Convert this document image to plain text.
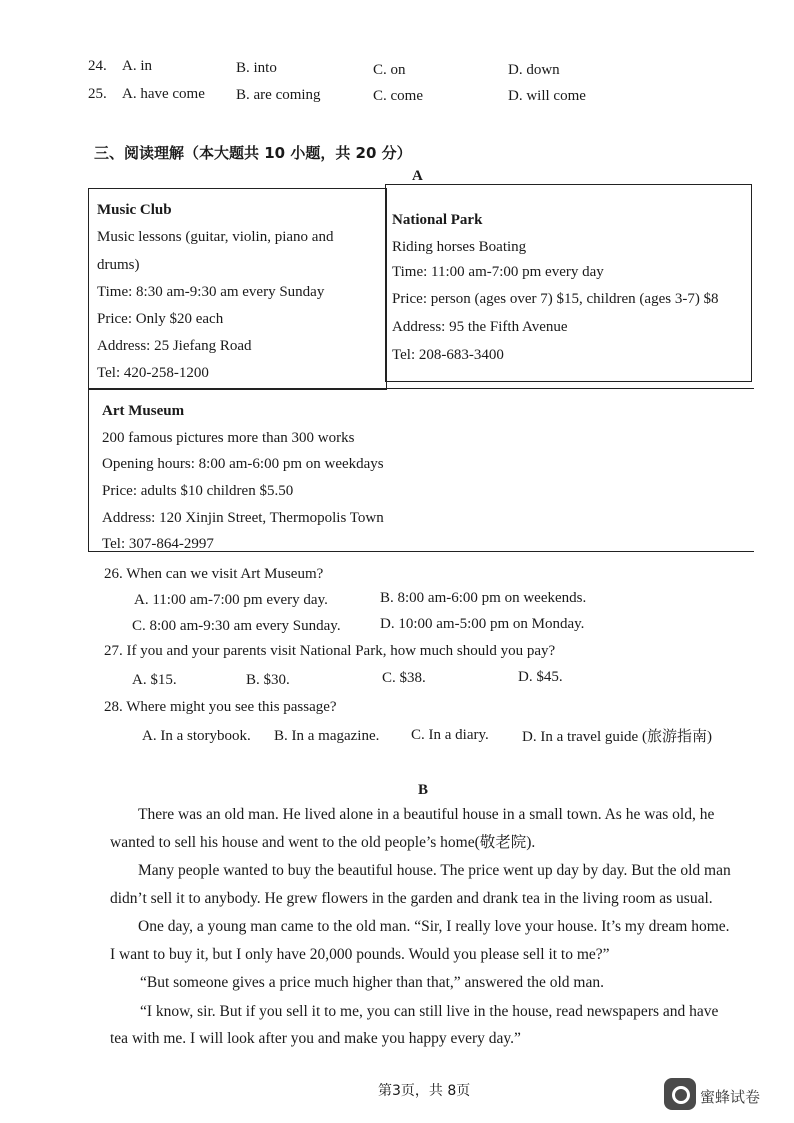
24. A. in	B. into	C. on	D. down
25. A. have come B. are coming	C. come	D. will come
三、阅读理解（本大题共 10 小题，共 20 分）
A
Music Club
Music lessons (guitar, violin, piano and
drums)
Time: 8:30 am-9:30 am every Sunday
Price: Only $20 each
Address: 25 Jiefang Road
Tel: 420-258-1200
National Park
Riding horses Boating
Time: 11:00 am-7:00 pm every day
Price: person (ages over 7) $15, children (ages 3-7) $8
Address: 95 the Fifth Avenue
Tel: 208-683-3400
Art Museum
200 famous pictures more than 300 works
Opening hours: 8:00 am-6:00 pm on weekdays
Price: adults $10 children $5.50
Address: 120 Xinjin Street, Thermopolis Town
Tel: 307-864-2997
26. When can we visit Art Museum?
A. 11:00 am-7:00 pm every day.	B. 8:00 am-6:00 pm on weekends.
C. 8:00 am-9:30 am every Sunday.	D. 10:00 am-5:00 pm on Monday.
27. If you and your parents visit National Park, how much should you pay?
A. $15.	B. $30.	C. $38.	D. $45.
28. Where might you see this passage?
A. In a storybook. B. In a magazine. C. In a diary. D. In a travel guide (旅游指南)
B
There was an old man. He lived alone in a beautiful house in a small town. As he was old, he
wanted to sell his house and went to the old people’s home(敬老院).
Many people wanted to buy the beautiful house. The price went up day by day. But the old man
didn’t sell it to anybody. He grew flowers in the garden and drank tea in the living room as usual.
One day, a young man came to the old man. “Sir, I really love your house. It’s my dream home.
I want to buy it, but I only have 20,000 pounds. Would you please sell it to me?”
“But someone gives a price much higher than that,” answered the old man.
“I know, sir. But if you sell it to me, you can still live in the house, read newspapers and have
tea with me. I will look after you and make you happy every day.”
第3页，共 8页	蜜蜂试卷
